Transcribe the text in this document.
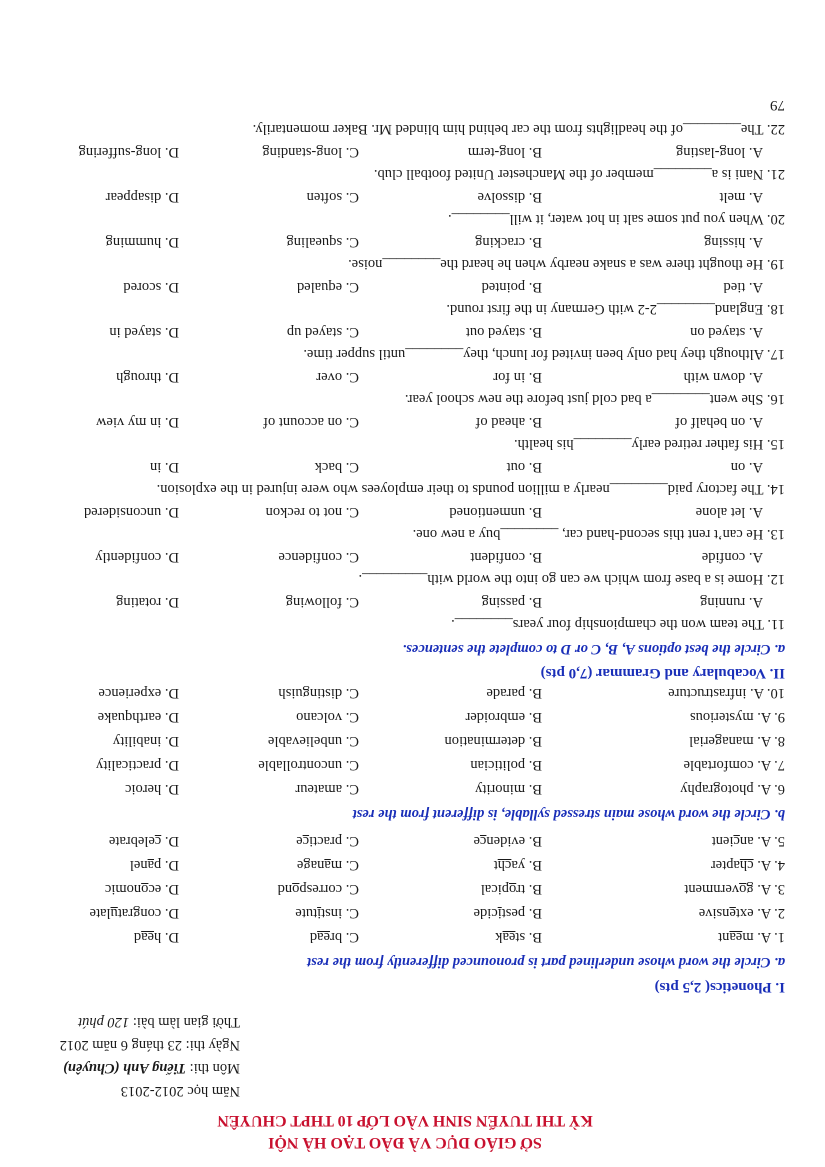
SỞ GIÁO DỤC VÀ ĐÀO TẠO HÀ NỘI
KỲ THI TUYỂN SINH VÀO LỚP 10 THPT CHUYÊN
Năm học 2012-2013
Môn thi: Tiếng Anh (Chuyên)
Ngày thi: 23 tháng 6 năm 2012
Thời gian làm bài: 120 phút
I. Phonetics( 2,5 pts)
a. Circle the word whose underlined part is pronounced differently from the rest
b. Circle the word whose main stressed syllable, is different from the rest
II. Vocabulary and Grammar (7,0 pts)
a. Circle the best options A, B, C or D to complete the sentences.
79
1. A. meant
B. steak
C. bread
D. head
2. A. extensive
B. pesticide
C. institute
D. congratulate
3. A. government
B. tropical
C. correspond
D. economic
4. A. chapter
B. yacht
C. manage
D. panel
5. A. ancient
B. evidence
C. practice
D. celebrate
6. A. photography
B. minority
C. amateur
D. heroic
7. A. comfortable
B. politician
C. uncontrollable
D. practicality
8. A. managerial
B. determination
C. unbelievable
D. inability
9. A. mysterious
B. embroider
C. volcano
D. earthquake
10. A. infrastructure
B. parade
C. distinguish
D. experience
11. The team won the championship four years________.
A. running
B. passing
C. following
D. rotating
12. Home is a base from which we can go into the world with_________.
A. confide
B. confident
C. confidence
D. confidently
13. He can’t rent this second-hand car, ________buy a new one.
A. let alone
B. unmentioned
C. not to reckon
D. unconsidered
14. The factory paid________nearly a million pounds to their employees who were injured in the explosion.
A. on
B. out
C. back
D. in
15. His father retired early________his health.
A. on behalf of
B. ahead of
C. on account of
D. in my view
16. She went________a bad cold just before the new school year.
A. down with
B. in for
C. over
D. through
17. Although they had only been invited for lunch, they________until supper time.
A. stayed on
B. stayed out
C. stayed up
D. stayed in
18. England________2-2 with Germany in the first round.
A. tied
B. pointed
C. equaled
D. scored
19. He thought there was a snake nearby when he heard the________noise.
A. hissing
B. cracking
C. squealing
D. humming
20. When you put some salt in hot water, it will________.
A. melt
B. dissolve
C. soften
D. disappear
21. Nani is a________member of the Manchester United football club.
A. long-lasting
B. long-term
C. long-standing
D. long-suffering
22. The________of the headlights from the car behind him blinded Mr. Baker momentarily.
